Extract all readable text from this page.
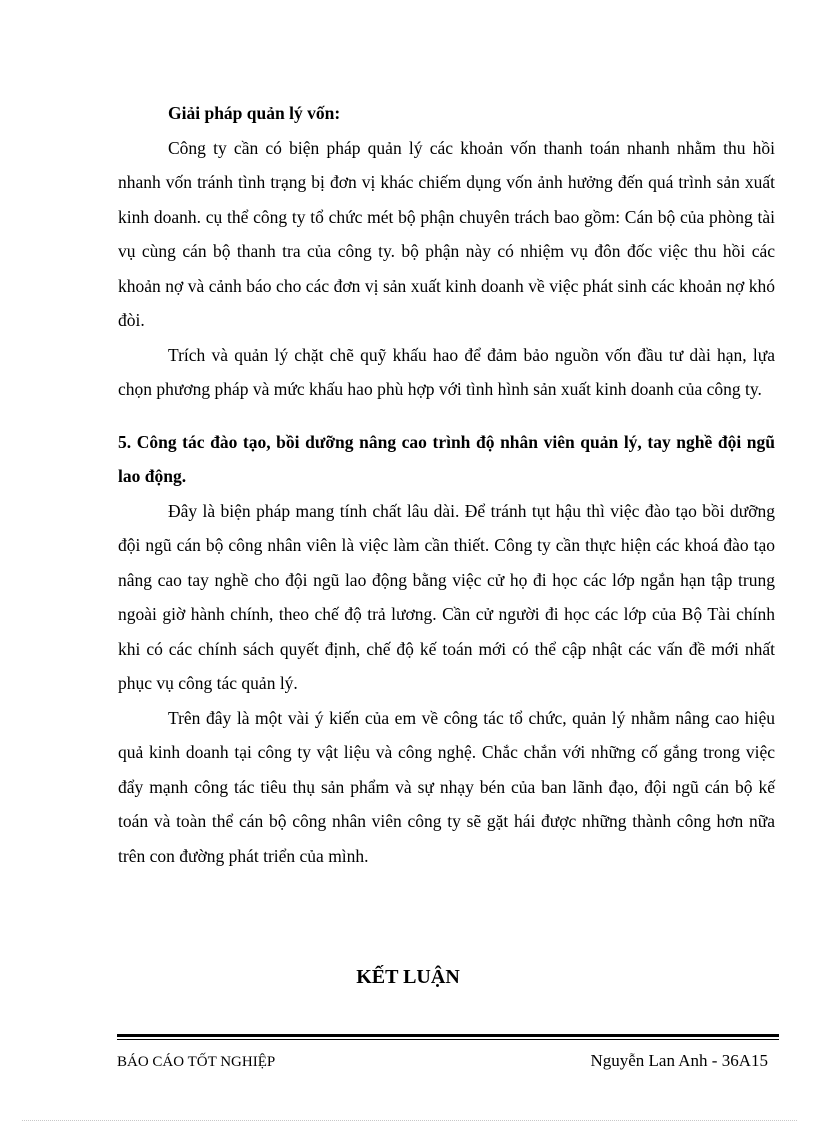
Giải pháp quản lý vốn:

Công ty cần có biện pháp quản lý các khoản vốn thanh toán nhanh nhằm thu hồi nhanh vốn tránh tình trạng bị đơn vị khác chiếm dụng vốn ảnh hưởng đến quá trình sản xuất kinh doanh. cụ thể công ty tổ chức mét bộ phận chuyên trách bao gồm: Cán bộ của phòng tài vụ cùng cán bộ thanh tra của công ty. bộ phận này có nhiệm vụ đôn đốc việc thu hồi các khoản nợ và cảnh báo cho các đơn vị sản xuất kinh doanh về việc phát sinh các khoản nợ khó đòi.

Trích và quản lý chặt chẽ quỹ khấu hao để đảm bảo nguồn vốn đầu tư dài hạn, lựa chọn phương pháp và mức khấu hao phù hợp với tình hình sản xuất kinh doanh của công ty.

5. Công tác đào tạo, bồi dưỡng nâng cao trình độ nhân viên quản lý, tay nghề đội ngũ lao động.

Đây là biện pháp mang tính chất lâu dài. Để tránh tụt hậu thì việc đào tạo bồi dưỡng đội ngũ cán bộ công nhân viên là việc làm cần thiết. Công ty cần thực hiện các khoá đào tạo nâng cao tay nghề cho đội ngũ lao động bằng việc cử họ đi học các lớp ngắn hạn tập trung ngoài giờ hành chính, theo chế độ trả lương. Cần cử người đi học các lớp của Bộ Tài chính khi có các chính sách quyết định, chế độ kế toán mới có thể cập nhật các vấn đề mới nhất phục vụ công tác quản lý.

Trên đây là một vài ý kiến của em về công tác tổ chức, quản lý nhằm nâng cao hiệu quả kinh doanh tại công ty vật liệu và công nghệ. Chắc chắn với những cố gắng trong việc đẩy mạnh công tác tiêu thụ sản phẩm và sự nhạy bén của ban lãnh đạo, đội ngũ cán bộ kế toán và toàn thể cán bộ công nhân viên công ty sẽ gặt hái được những thành công hơn nữa trên con đường phát triển của mình.

KẾT LUẬN

BÁO CÁO TỐT NGHIỆP	Nguyễn Lan Anh - 36A15
